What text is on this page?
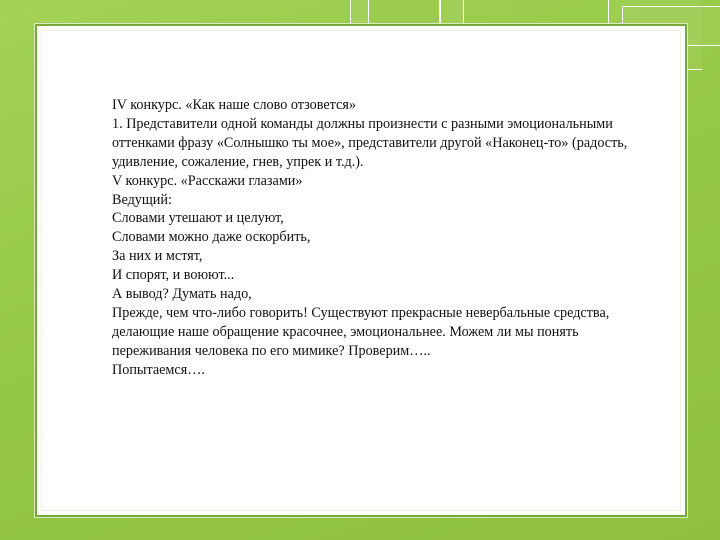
IV конкурс. «Как наше слово отзовется»

1. Представители одной команды должны произнести с разными эмоциональными оттенками фразу «Солнышко ты мое», представители другой «Наконец-то» (радость, удивление, сожаление, гнев, упрек и т.д.).

V конкурс. «Расскажи глазами»

Ведущий:

Словами утешают и целуют,

Словами можно даже оскорбить,

За них и мстят,

И спорят, и воюют...

А вывод? Думать надо,

Прежде, чем что-либо говорить! Существуют прекрасные невербальные средства, делающие наше обращение красочнее, эмоциональнее. Можем ли мы понять переживания человека по его мимике? Проверим…..

Попытаемся….
